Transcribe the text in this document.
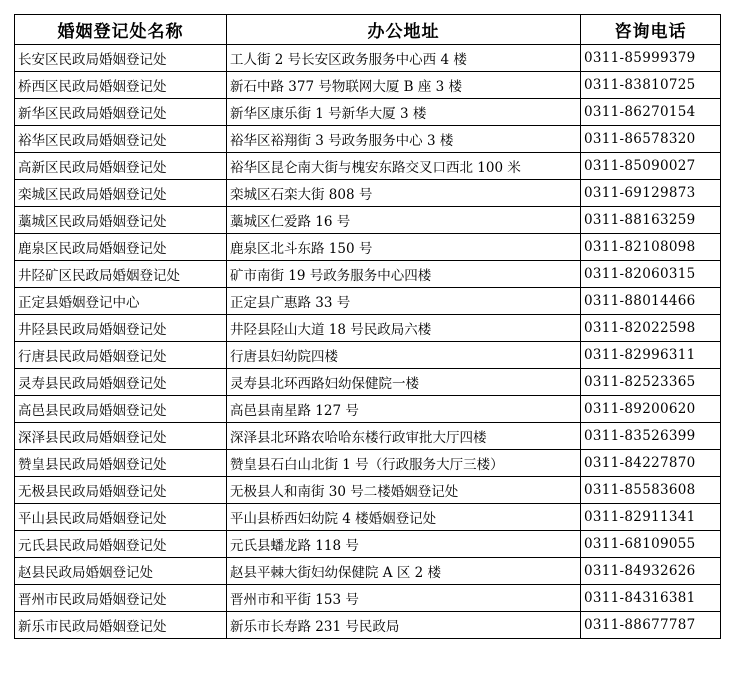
婚姻登记处名称	办公地址	咨询电话
长安区民政局婚姻登记处	工人街 2 号长安区政务服务中心西 4 楼	0311-85999379
桥西区民政局婚姻登记处	新石中路 377 号物联网大厦 B 座 3 楼	0311-83810725
新华区民政局婚姻登记处	新华区康乐街 1 号新华大厦 3 楼	0311-86270154
裕华区民政局婚姻登记处	裕华区裕翔街 3 号政务服务中心 3 楼	0311-86578320
高新区民政局婚姻登记处	裕华区昆仑南大街与槐安东路交叉口西北 100 米	0311-85090027
栾城区民政局婚姻登记处	栾城区石栾大街 808 号	0311-69129873
藁城区民政局婚姻登记处	藁城区仁爱路 16 号	0311-88163259
鹿泉区民政局婚姻登记处	鹿泉区北斗东路 150 号	0311-82108098
井陉矿区民政局婚姻登记处	矿市南街 19 号政务服务中心四楼	0311-82060315
正定县婚姻登记中心	正定县广惠路 33 号	0311-88014466
井陉县民政局婚姻登记处	井陉县陉山大道 18 号民政局六楼	0311-82022598
行唐县民政局婚姻登记处	行唐县妇幼院四楼	0311-82996311
灵寿县民政局婚姻登记处	灵寿县北环西路妇幼保健院一楼	0311-82523365
高邑县民政局婚姻登记处	高邑县南星路 127 号	0311-89200620
深泽县民政局婚姻登记处	深泽县北环路农哈哈东楼行政审批大厅四楼	0311-83526399
赞皇县民政局婚姻登记处	赞皇县石白山北街 1 号（行政服务大厅三楼）	0311-84227870
无极县民政局婚姻登记处	无极县人和南街 30 号二楼婚姻登记处	0311-85583608
平山县民政局婚姻登记处	平山县桥西妇幼院 4 楼婚姻登记处	0311-82911341
元氏县民政局婚姻登记处	元氏县蟠龙路 118 号	0311-68109055
赵县民政局婚姻登记处	赵县平棘大街妇幼保健院 A 区 2 楼	0311-84932626
晋州市民政局婚姻登记处	晋州市和平街 153 号	0311-84316381
新乐市民政局婚姻登记处	新乐市长寿路 231 号民政局	0311-88677787
